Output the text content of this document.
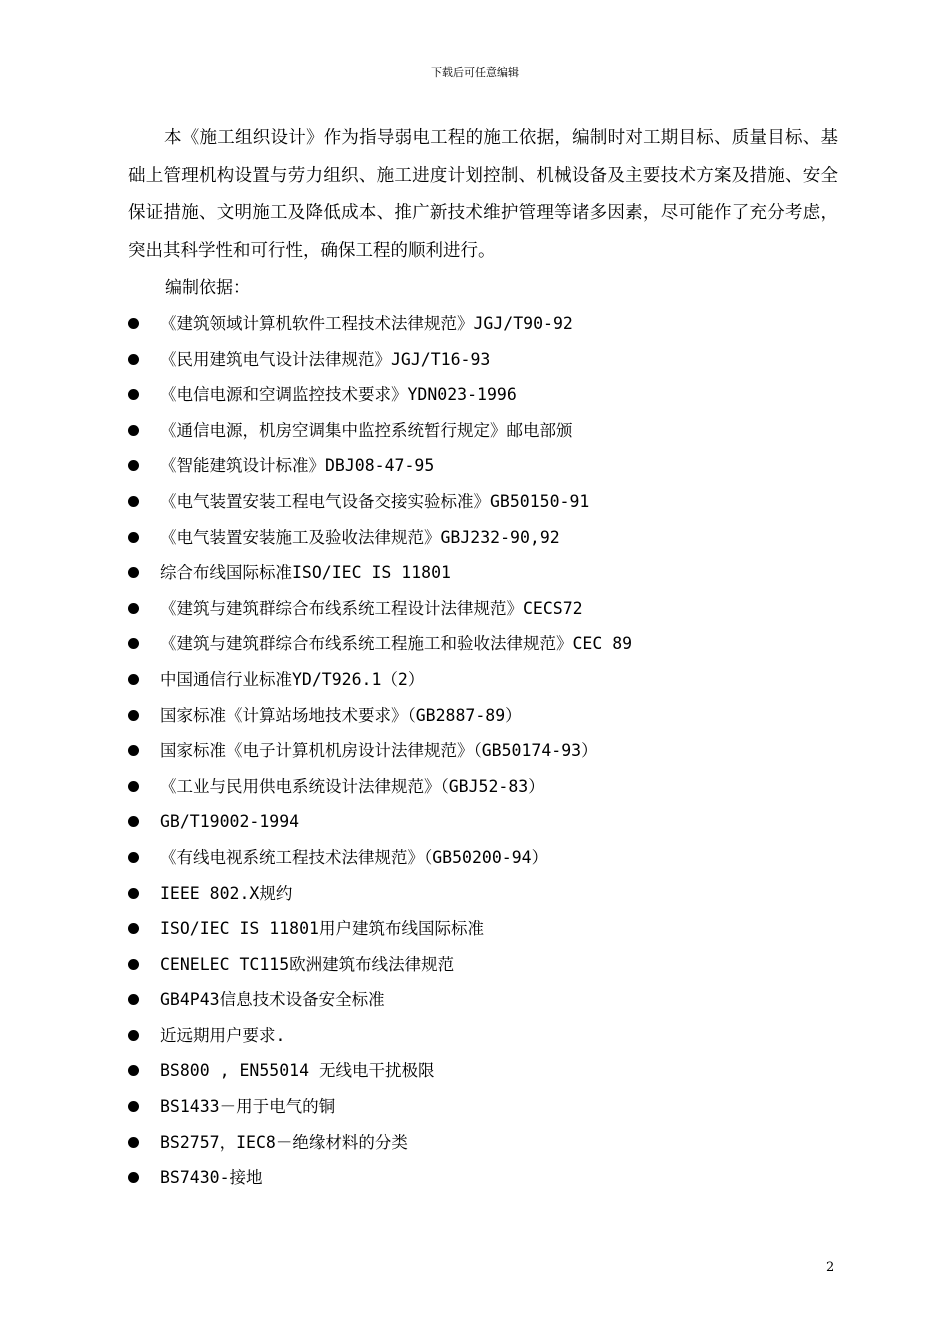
下载后可任意编辑

本《施工组织设计》作为指导弱电工程的施工依据，编制时对工期目标、质量目标、基础上管理机构设置与劳力组织、施工进度计划控制、机械设备及主要技术方案及措施、安全保证措施、文明施工及降低成本、推广新技术维护管理等诸多因素，尽可能作了充分考虑，突出其科学性和可行性，确保工程的顺利进行。

编制依据：

《建筑领域计算机软件工程技术法律规范》JGJ/T90-92
《民用建筑电气设计法律规范》JGJ/T16-93
《电信电源和空调监控技术要求》YDN023-1996
《通信电源，机房空调集中监控系统暂行规定》邮电部颁
《智能建筑设计标准》DBJ08-47-95
《电气装置安装工程电气设备交接实验标准》GB50150-91
《电气装置安装施工及验收法律规范》GBJ232-90,92
综合布线国际标准ISO/IEC IS 11801
《建筑与建筑群综合布线系统工程设计法律规范》CECS72
《建筑与建筑群综合布线系统工程施工和验收法律规范》CEC 89
中国通信行业标准YD/T926.1（2）
国家标准《计算站场地技术要求》（GB2887-89）
国家标准《电子计算机机房设计法律规范》（GB50174-93）
《工业与民用供电系统设计法律规范》（GBJ52-83）
GB/T19002-1994
《有线电视系统工程技术法律规范》（GB50200-94）
IEEE 802.X规约
ISO/IEC IS 11801用户建筑布线国际标准
CENELEC TC115欧洲建筑布线法律规范
GB4P43信息技术设备安全标准
近远期用户要求.
BS800 , EN55014 无线电干扰极限
BS1433－用于电气的铜
BS2757，IEC8－绝缘材料的分类
BS7430-接地
2
